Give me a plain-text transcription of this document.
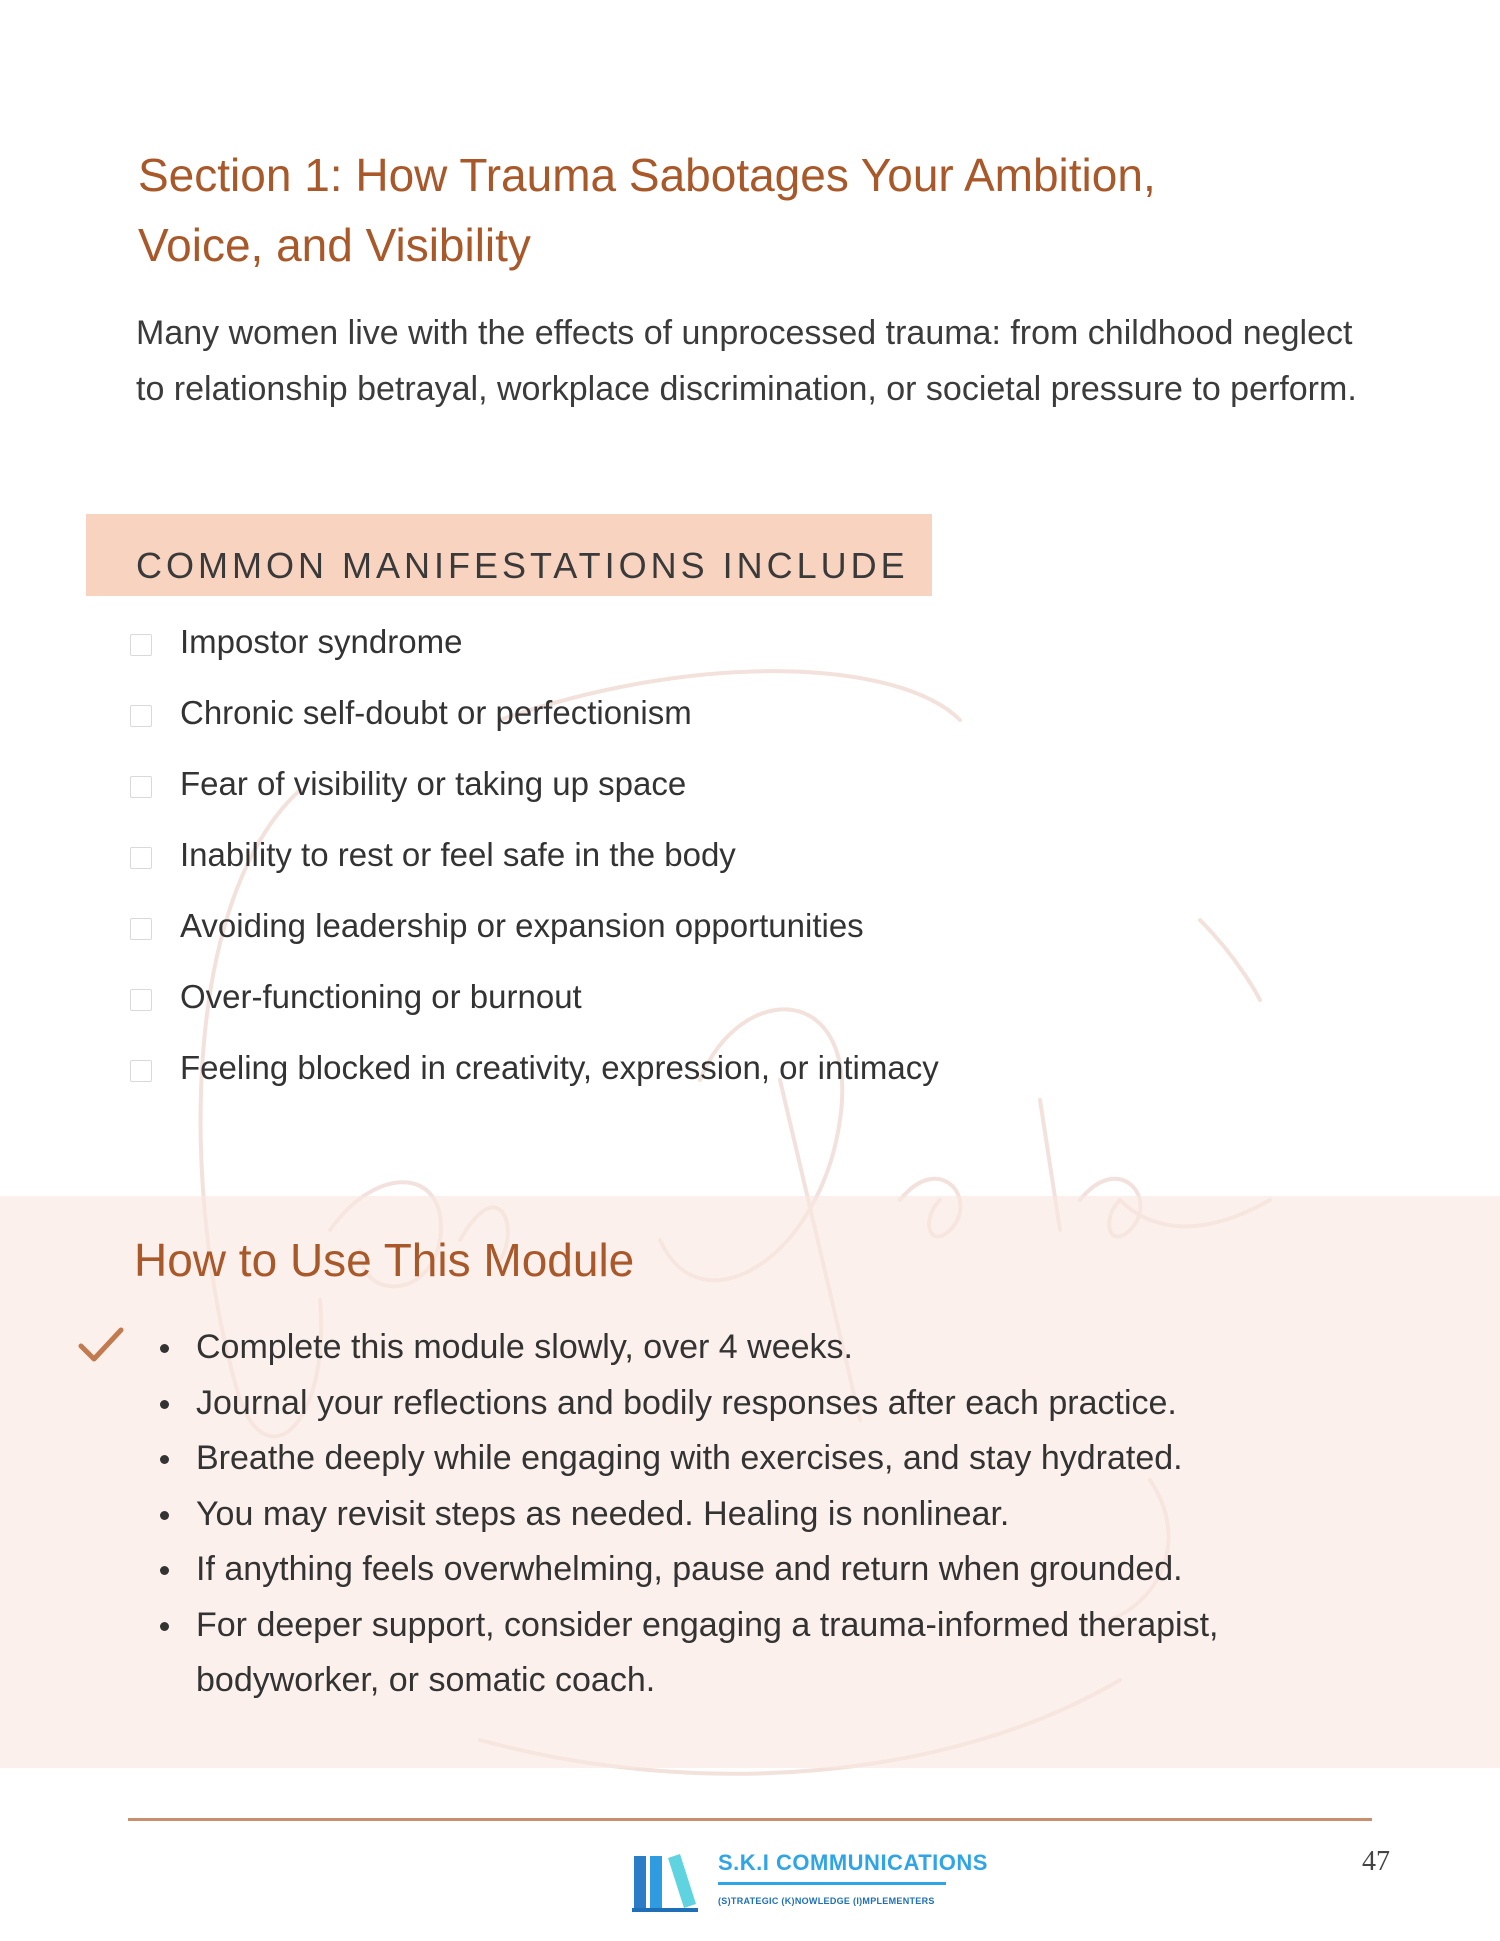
Section 1: How Trauma Sabotages Your Ambition,
Voice, and Visibility

Many women live with the effects of unprocessed trauma: from childhood neglect to relationship betrayal, workplace discrimination, or societal pressure to perform.

COMMON MANIFESTATIONS INCLUDE
Impostor syndrome
Chronic self-doubt or perfectionism
Fear of visibility or taking up space
Inability to rest or feel safe in the body
Avoiding leadership or expansion opportunities
Over-functioning or burnout
Feeling blocked in creativity, expression, or intimacy
How to Use This Module
Complete this module slowly, over 4 weeks.
Journal your reflections and bodily responses after each practice.
Breathe deeply while engaging with exercises, and stay hydrated.
You may revisit steps as needed. Healing is nonlinear.
If anything feels overwhelming, pause and return when grounded.
For deeper support, consider engaging a trauma-informed therapist, bodyworker, or somatic coach.
S.K.I COMMUNICATIONS
(S)TRATEGIC (K)NOWLEDGE (I)MPLEMENTERS
47
